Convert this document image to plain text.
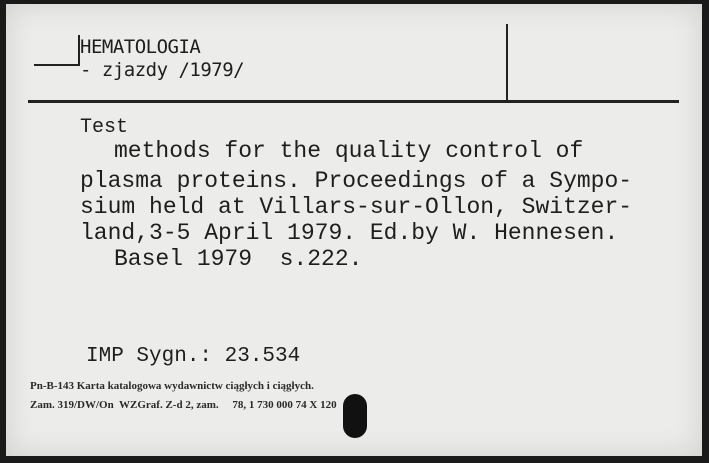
HEMATOLOGIA
- zjazdy /1979/
Test
methods for the quality control of
plasma proteins. Proceedings of a Sympo-
sium held at Villars-sur-Ollon, Switzer-
land,3-5 April 1979. Ed.by W. Hennesen.
Basel 1979  s.222.
IMP Sygn.: 23.534
Pn-B-143 Karta katalogowa wydawnictw ciągłych i ciągłych.
Zam. 319/DW/On  WZGraf. Z-d 2, zam.     78, 1 730 000 74 X 120
